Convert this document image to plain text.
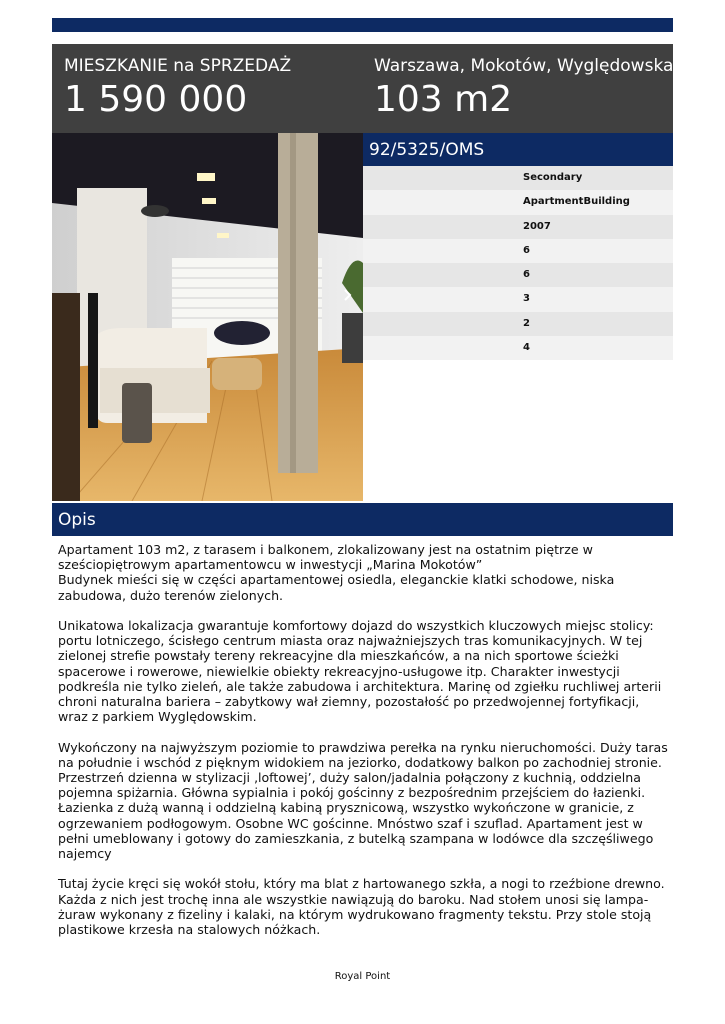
MIESZKANIE na SPRZEDAŻ
1 590 000
Warszawa, Mokotów, Wyględowska
103 m2
92/5325/OMS
Secondary
ApartmentBuilding
2007
6
6
3
2
4
Opis

Apartament 103 m2, z tarasem i balkonem, zlokalizowany jest na ostatnim piętrze w sześciopiętrowym apartamentowcu w inwestycji „Marina Mokotów”
Budynek mieści się w części apartamentowej osiedla, eleganckie klatki schodowe, niska zabudowa, dużo terenów zielonych.

Unikatowa lokalizacja gwarantuje komfortowy dojazd do wszystkich kluczowych miejsc stolicy: portu lotniczego, ścisłego centrum miasta oraz najważniejszych tras komunikacyjnych. W tej zielonej strefie powstały tereny rekreacyjne dla mieszkańców, a na nich sportowe ścieżki spacerowe i rowerowe, niewielkie obiekty rekreacyjno-usługowe itp. Charakter inwestycji podkreśla nie tylko zieleń, ale także zabudowa i architektura. Marinę od zgiełku ruchliwej arterii chroni naturalna bariera – zabytkowy wał ziemny, pozostałość po przedwojennej fortyfikacji, wraz z parkiem Wyględowskim.

Wykończony na najwyższym poziomie to prawdziwa perełka na rynku nieruchomości. Duży taras na południe i wschód z pięknym widokiem na jeziorko, dodatkowy balkon po zachodniej stronie. Przestrzeń dzienna w stylizacji ‚loftowej’, duży salon/jadalnia połączony z kuchnią, oddzielna pojemna spiżarnia. Główna sypialnia i pokój gościnny z bezpośrednim przejściem do łazienki. Łazienka z dużą wanną i oddzielną kabiną prysznicową, wszystko wykończone w granicie, z ogrzewaniem podłogowym. Osobne WC gościnne. Mnóstwo szaf i szuflad. Apartament jest w pełni umeblowany i gotowy do zamieszkania, z butelką szampana w lodówce dla szczęśliwego najemcy

Tutaj życie kręci się wokół stołu, który ma blat z hartowanego szkła, a nogi to rzeźbione drewno. Każda z nich jest trochę inna ale wszystkie nawiązują do baroku. Nad stołem unosi się lampa-żuraw wykonany z fizeliny i kalaki, na którym wydrukowano fragmenty tekstu. Przy stole stoją plastikowe krzesła na stalowych nóżkach.

Royal Point
